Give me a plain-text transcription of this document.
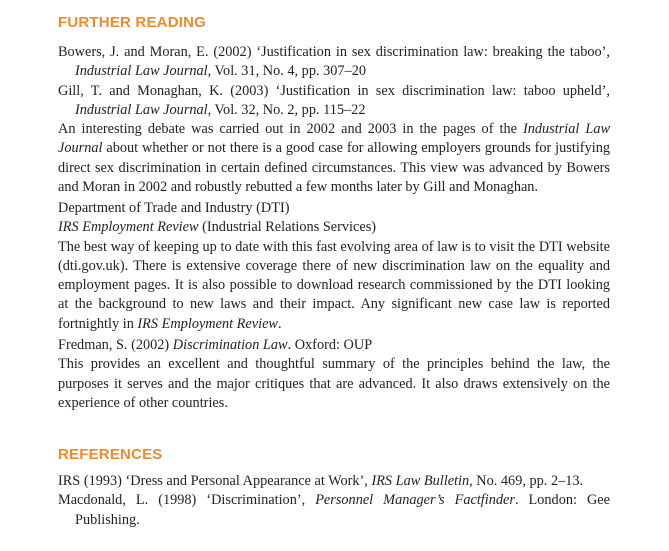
FURTHER READING

Bowers, J. and Moran, E. (2002) ‘Justification in sex discrimination law: breaking the taboo’, Industrial Law Journal, Vol. 31, No. 4, pp. 307–20

Gill, T. and Monaghan, K. (2003) ‘Justification in sex discrimination law: taboo upheld’, Industrial Law Journal, Vol. 32, No. 2, pp. 115–22

An interesting debate was carried out in 2002 and 2003 in the pages of the Industrial Law Journal about whether or not there is a good case for allowing employers grounds for justifying direct sex discrimination in certain defined circumstances. This view was advanced by Bowers and Moran in 2002 and robustly rebutted a few months later by Gill and Monaghan.

Department of Trade and Industry (DTI)

IRS Employment Review (Industrial Relations Services)

The best way of keeping up to date with this fast evolving area of law is to visit the DTI website (dti.gov.uk). There is extensive coverage there of new discrimination law on the equality and employment pages. It is also possible to download research commissioned by the DTI looking at the background to new laws and their impact. Any significant new case law is reported fortnightly in IRS Employment Review.

Fredman, S. (2002) Discrimination Law. Oxford: OUP

This provides an excellent and thoughtful summary of the principles behind the law, the purposes it serves and the major critiques that are advanced. It also draws extensively on the experience of other countries.

REFERENCES

IRS (1993) ‘Dress and Personal Appearance at Work’, IRS Law Bulletin, No. 469, pp. 2–13.

Macdonald, L. (1998) ‘Discrimination’, Personnel Manager’s Factfinder. London: Gee Publishing.
